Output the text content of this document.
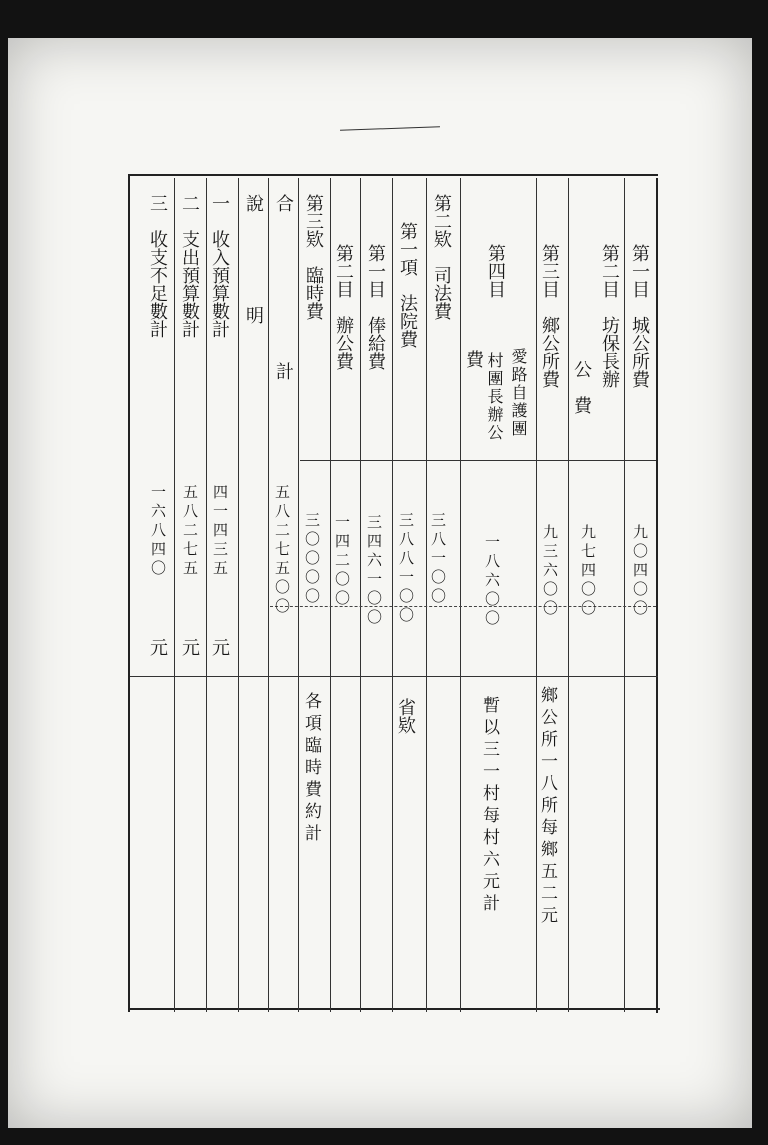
第一目　城公所費
九〇四〇〇
第二目　坊保長辦
公　費
九七四〇〇
第三目　鄉公所費
九三六〇〇
鄉公所一八所每鄉五二元
第四目
愛路自護團
村團長辦公
費
一八六〇〇
暫以三一村每村六元計
第二欵　司法費
三八一〇〇
第一項　法院費
三八八一〇〇
省欵
第一目　俸給費
三四六一〇〇
第二目　辦公費
一四二〇〇
第三欵　臨時費
三〇〇〇〇
各項臨時費約計
合　　　　　計
五八二七五〇〇
說　　　明
一　收入預算數計
四一四三五
元
二　支出預算數計
五八二七五
元
三　收支不足數計
一六八四〇
元
